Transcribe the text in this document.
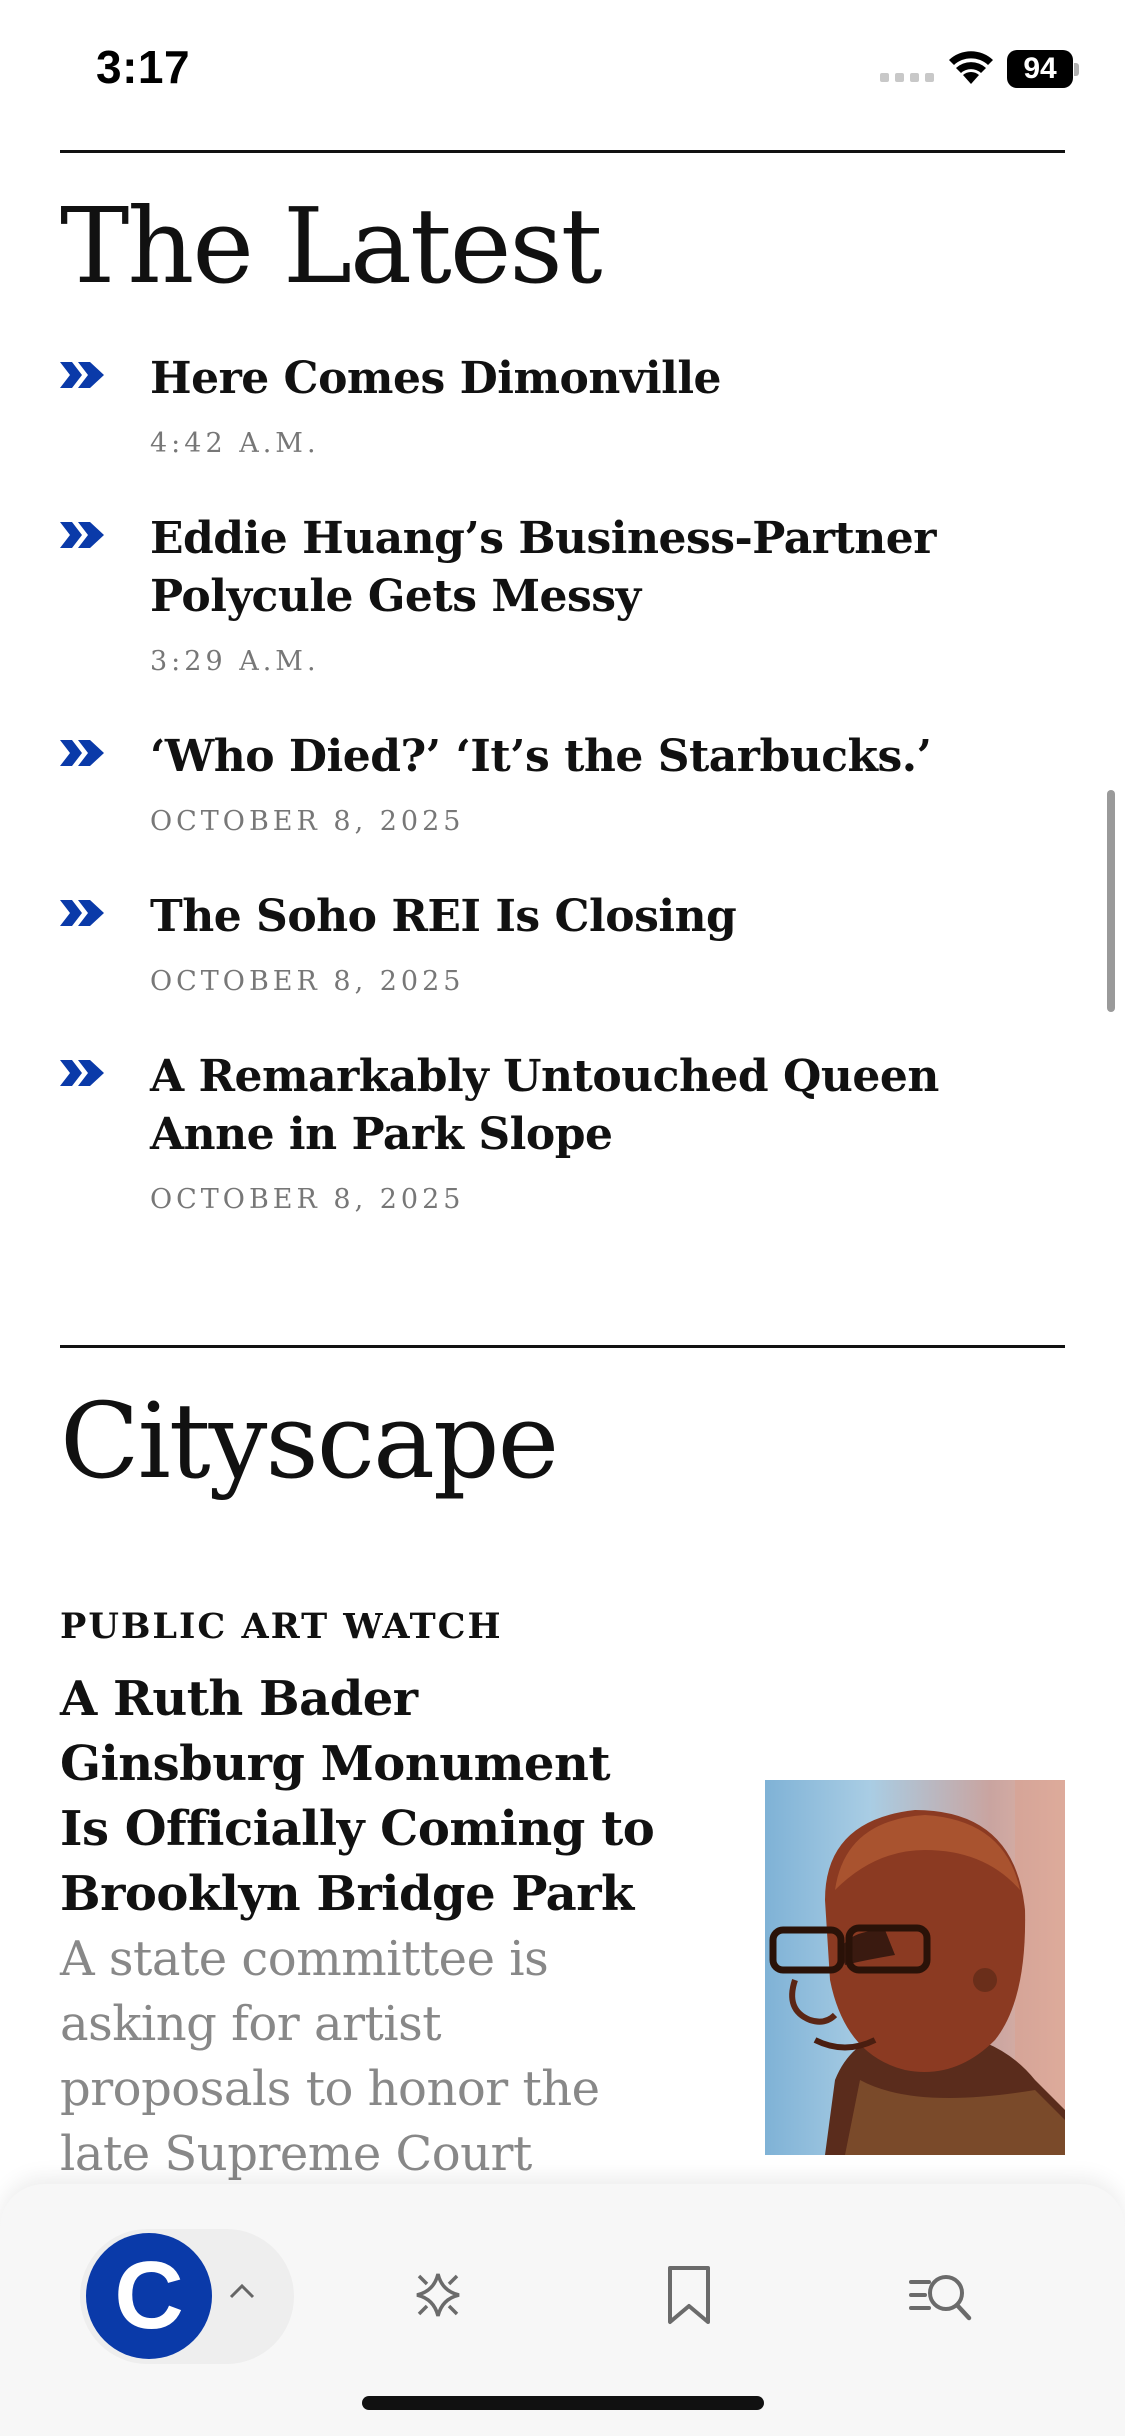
3:17	94
The Latest
Here Comes Dimonville
4:42 A.M.
Eddie Huang’s Business-Partner Polycule Gets Messy
3:29 A.M.
‘Who Died?’ ‘It’s the Starbucks.’
OCTOBER 8, 2025
The Soho REI Is Closing
OCTOBER 8, 2025
A Remarkably Untouched Queen Anne in Park Slope
OCTOBER 8, 2025
Cityscape
PUBLIC ART WATCH
A Ruth Bader Ginsburg Monument Is Officially Coming to Brooklyn Bridge Park A state committee is asking for artist proposals to honor the late Supreme Court
C
